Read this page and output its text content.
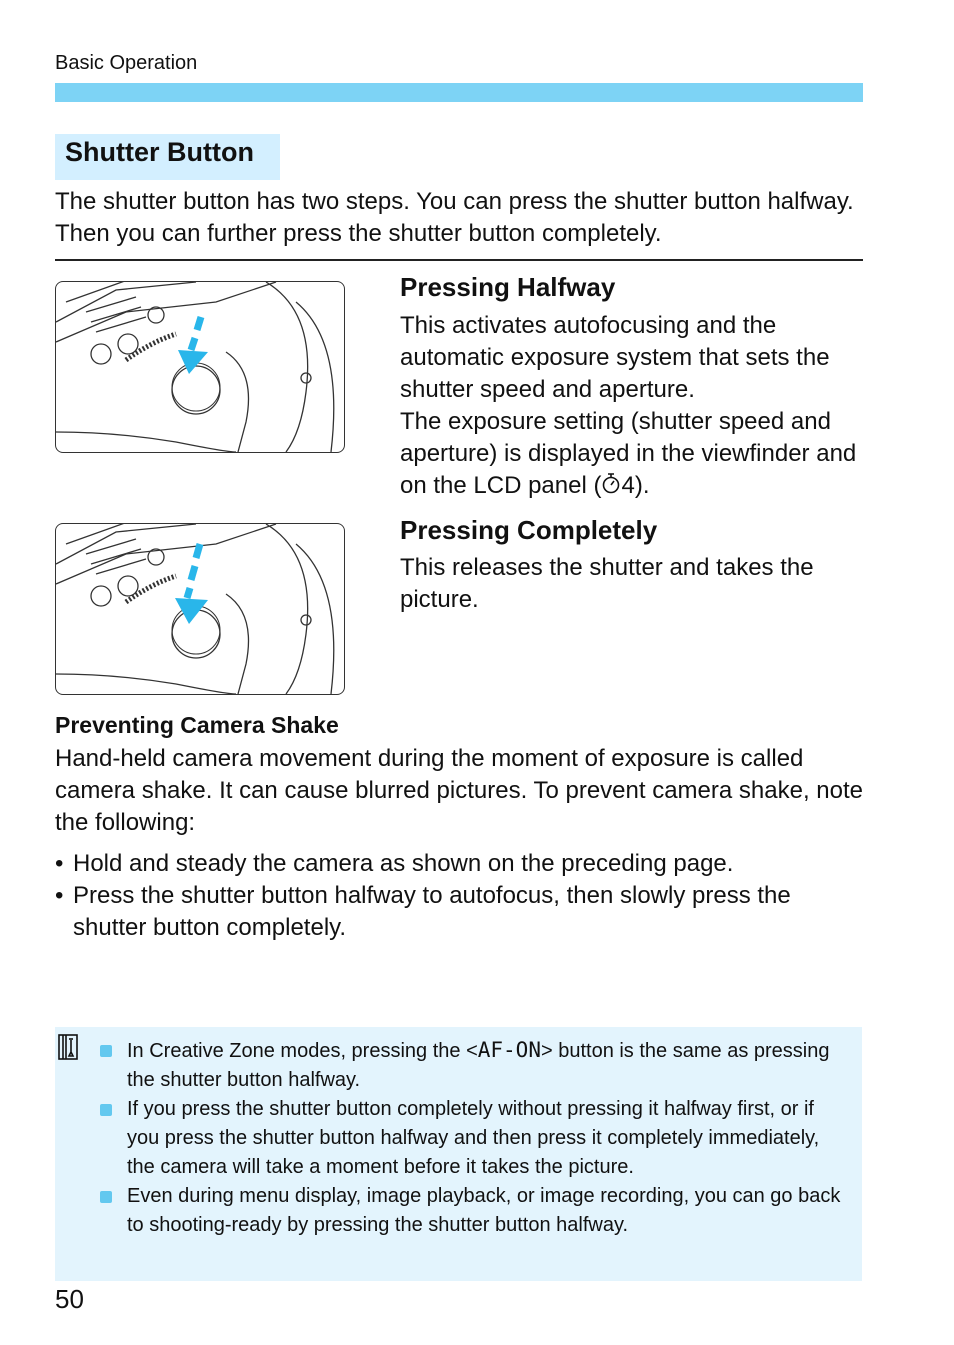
Basic Operation
Shutter Button
The shutter button has two steps. You can press the shutter button halfway. Then you can further press the shutter button completely.
Pressing Halfway
This activates autofocusing and the automatic exposure system that sets the shutter speed and aperture.
The exposure setting (shutter speed and aperture) is displayed in the viewfinder and on the LCD panel ( 4).
Pressing Completely
This releases the shutter and takes the picture.
Preventing Camera Shake
Hand-held camera movement during the moment of exposure is called camera shake. It can cause blurred pictures. To prevent camera shake, note the following:
• Hold and steady the camera as shown on the preceding page.
• Press the shutter button halfway to autofocus, then slowly press the shutter button completely.
In Creative Zone modes, pressing the <AF-ON> button is the same as pressing the shutter button halfway.
If you press the shutter button completely without pressing it halfway first, or if you press the shutter button halfway and then press it completely immediately, the camera will take a moment before it takes the picture.
Even during menu display, image playback, or image recording, you can go back to shooting-ready by pressing the shutter button halfway.
50
